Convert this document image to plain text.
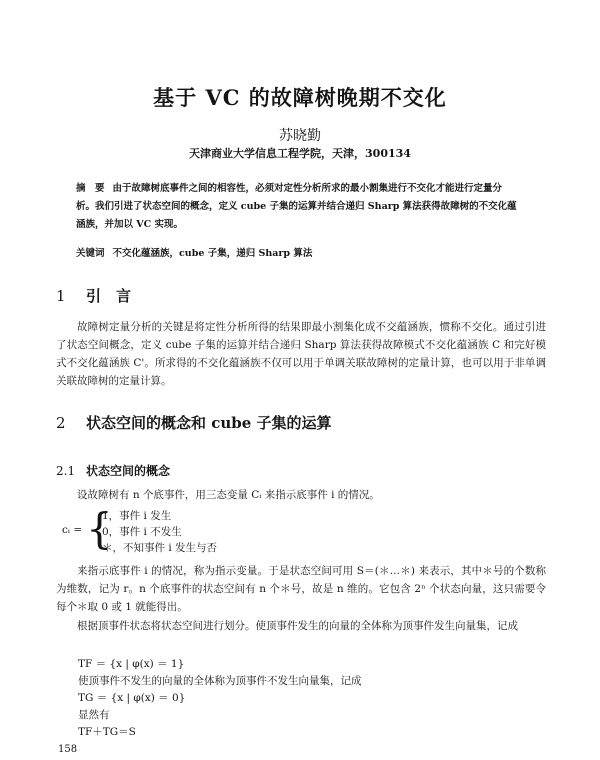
基于 VC 的故障树晚期不交化
苏晓勤
天津商业大学信息工程学院，天津，300134
摘　要 由于故障树底事件之间的相容性，必须对定性分析所求的最小割集进行不交化才能进行定量分析。我们引进了状态空间的概念，定义 cube 子集的运算并结合递归 Sharp 算法获得故障树的不交化蕴涵族，并加以 VC 实现。
关键词 不交化蕴涵族，cube 子集，递归 Sharp 算法
1 引　言
故障树定量分析的关键是将定性分析所得的结果即最小割集化成不交蕴涵族，惯称不交化。通过引进了状态空间概念，定义 cube 子集的运算并结合递归 Sharp 算法获得故障模式不交化蕴涵族 C 和完好模式不交化蕴涵族 C'。所求得的不交化蕴涵族不仅可以用于单调关联故障树的定量计算，也可以用于非单调关联故障树的定量计算。
2 状态空间的概念和 cube 子集的运算
2.1 状态空间的概念
设故障树有 n 个底事件，用三态变量 Cᵢ 来指示底事件 i 的情况。
cᵢ = {
1，事件 i 发生
0，事件 i 不发生
＊，不知事件 i 发生与否
来指示底事件 i 的情况，称为指示变量。于是状态空间可用 S＝(＊…＊) 来表示，其中＊号的个数称为维数，记为 r。n 个底事件的状态空间有 n 个＊号，故是 n 维的。它包含 2ⁿ 个状态向量，这只需要令每个＊取 0 或 1 就能得出。
根据顶事件状态将状态空间进行划分。使顶事件发生的向量的全体称为顶事件发生向量集，记成
TF ＝ {x | φ(x) ＝ 1}
使顶事件不发生的向量的全体称为顶事件不发生向量集，记成
TG ＝ {x | φ(x) ＝ 0}
显然有
TF＋TG＝S
158
